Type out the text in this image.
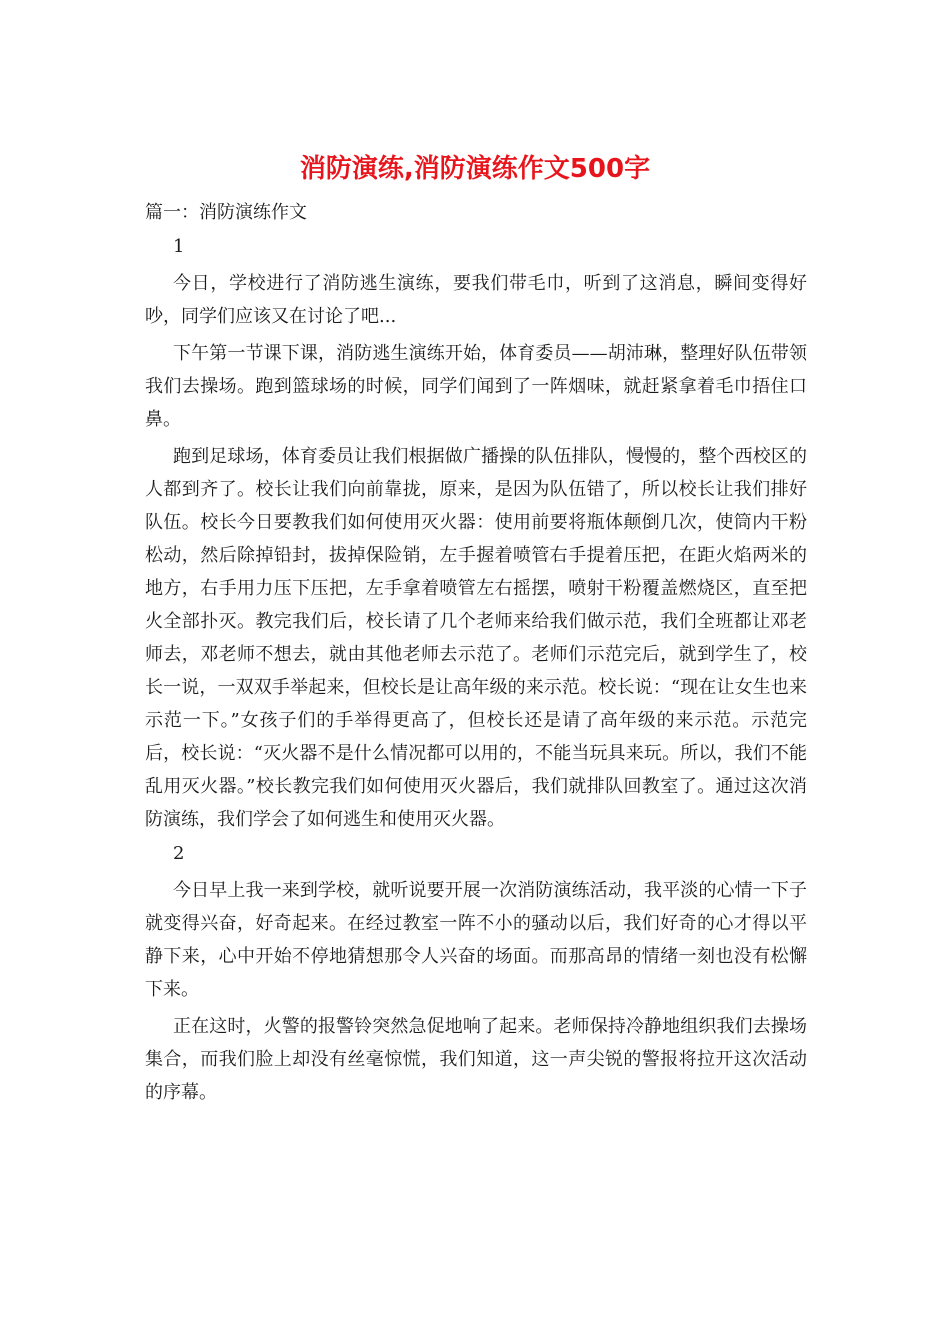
消防演练,消防演练作文500字

篇一：消防演练作文

1

今日，学校进行了消防逃生演练，要我们带毛巾，听到了这消息，瞬间变得好吵，同学们应该又在讨论了吧...

下午第一节课下课，消防逃生演练开始，体育委员——胡沛琳，整理好队伍带领我们去操场。跑到篮球场的时候，同学们闻到了一阵烟味，就赶紧拿着毛巾捂住口鼻。

跑到足球场，体育委员让我们根据做广播操的队伍排队，慢慢的，整个西校区的人都到齐了。校长让我们向前靠拢，原来，是因为队伍错了，所以校长让我们排好队伍。校长今日要教我们如何使用灭火器：使用前要将瓶体颠倒几次，使筒内干粉松动，然后除掉铅封，拔掉保险销，左手握着喷管右手提着压把，在距火焰两米的地方，右手用力压下压把，左手拿着喷管左右摇摆，喷射干粉覆盖燃烧区，直至把火全部扑灭。教完我们后，校长请了几个老师来给我们做示范，我们全班都让邓老师去，邓老师不想去，就由其他老师去示范了。老师们示范完后，就到学生了，校长一说，一双双手举起来，但校长是让高年级的来示范。校长说：“现在让女生也来示范一下。”女孩子们的手举得更高了，但校长还是请了高年级的来示范。示范完后，校长说：“灭火器不是什么情况都可以用的，不能当玩具来玩。所以，我们不能乱用灭火器。”校长教完我们如何使用灭火器后，我们就排队回教室了。通过这次消防演练，我们学会了如何逃生和使用灭火器。

2

今日早上我一来到学校，就听说要开展一次消防演练活动，我平淡的心情一下子就变得兴奋，好奇起来。在经过教室一阵不小的骚动以后，我们好奇的心才得以平静下来，心中开始不停地猜想那令人兴奋的场面。而那高昂的情绪一刻也没有松懈下来。

正在这时，火警的报警铃突然急促地响了起来。老师保持冷静地组织我们去操场集合，而我们脸上却没有丝毫惊慌，我们知道，这一声尖锐的警报将拉开这次活动的序幕。
